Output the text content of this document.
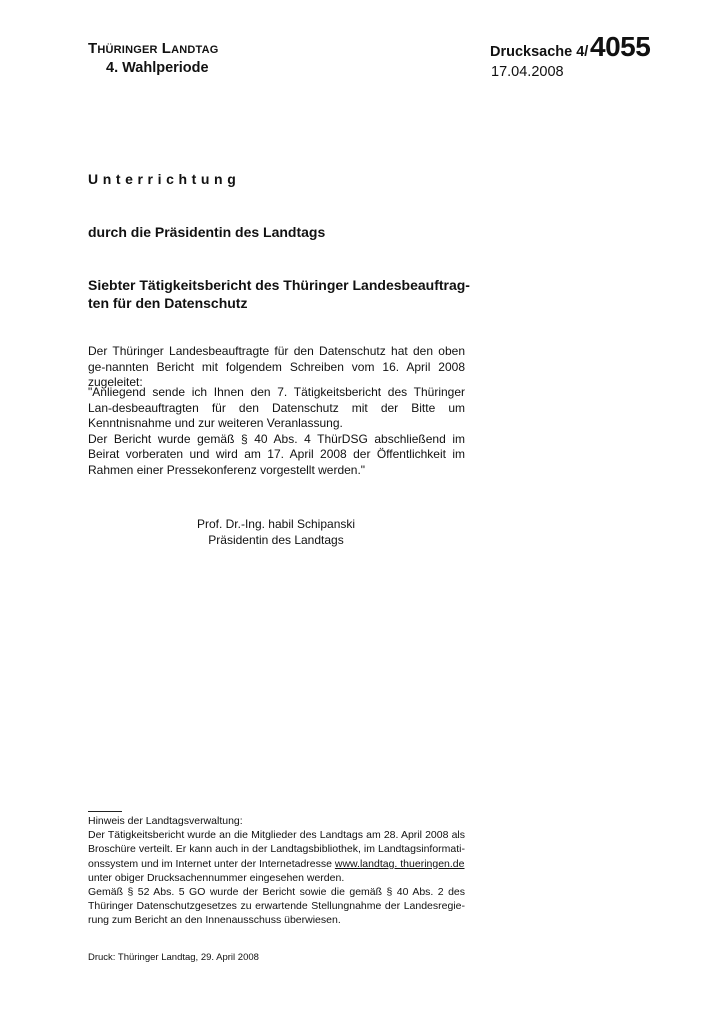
THÜRINGER LANDTAG
4. Wahlperiode
Drucksache 4/ 4055
17.04.2008
Unterrichtung
durch die Präsidentin des Landtags
Siebter Tätigkeitsbericht des Thüringer Landesbeauftrag-
ten für den Datenschutz
Der Thüringer Landesbeauftragte für den Datenschutz hat den oben ge-nannten Bericht mit folgendem Schreiben vom 16. April 2008 zugeleitet:
"Anliegend sende ich Ihnen den 7. Tätigkeitsbericht des Thüringer Lan-desbeauftragten für den Datenschutz mit der Bitte um Kenntnisnahme und zur weiteren Veranlassung.
Der Bericht wurde gemäß § 40 Abs. 4 ThürDSG abschließend im Beirat vorberaten und wird am 17. April 2008 der Öffentlichkeit im Rahmen einer Pressekonferenz vorgestellt werden."
Prof. Dr.-Ing. habil Schipanski
Präsidentin des Landtags
Hinweis der Landtagsverwaltung:
Der Tätigkeitsbericht wurde an die Mitglieder des Landtags am 28. April 2008 als Broschüre verteilt. Er kann auch in der Landtagsbibliothek, im Landtagsinformati-onssystem und im Internet unter der Internetadresse www.landtag. thueringen.de
unter obiger Drucksachennummer eingesehen werden.
Gemäß § 52 Abs. 5 GO wurde der Bericht sowie die gemäß § 40 Abs. 2 des Thüringer Datenschutzgesetzes zu erwartende Stellungnahme der Landesregie-rung zum Bericht an den Innenausschuss überwiesen.
Druck: Thüringer Landtag, 29. April 2008
